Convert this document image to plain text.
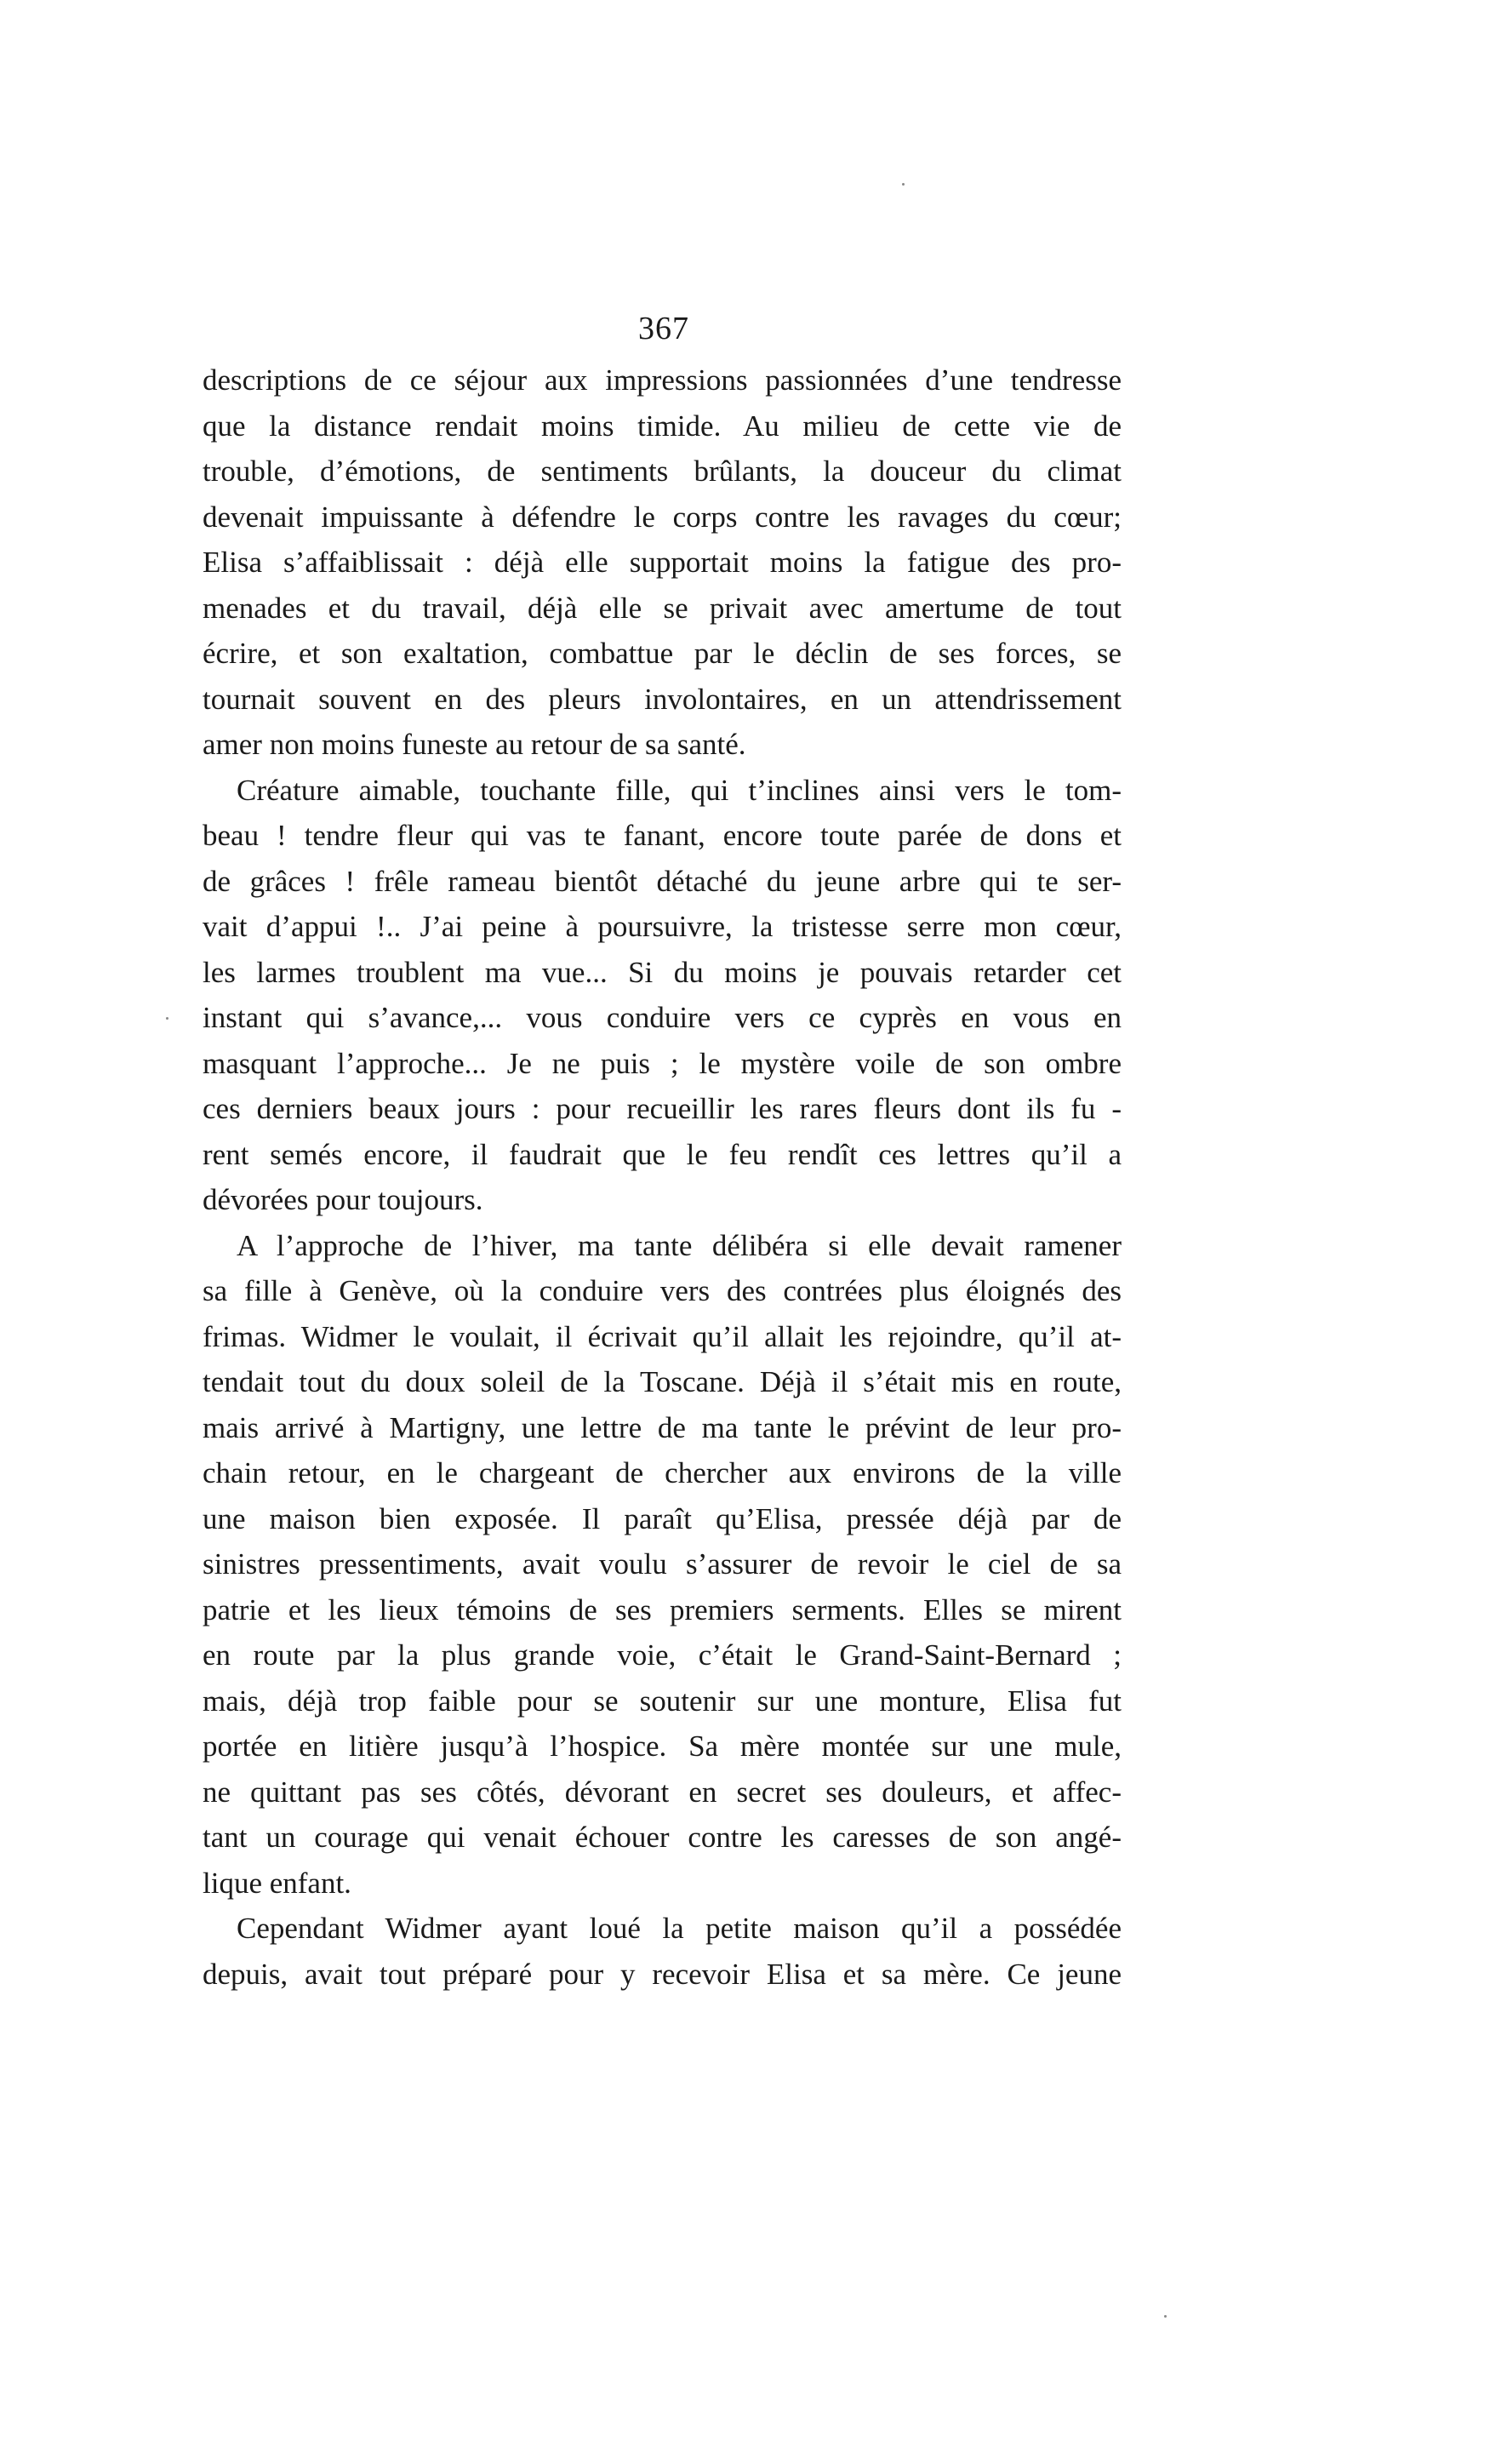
367
descriptions de ce séjour aux impressions passionnées d’une tendresse
que la distance rendait moins timide. Au milieu de cette vie de
trouble, d’émotions, de sentiments brûlants, la douceur du climat
devenait impuissante à défendre le corps contre les ravages du cœur;
Elisa s’affaiblissait : déjà elle supportait moins la fatigue des pro-
menades et du travail, déjà elle se privait avec amertume de tout
écrire, et son exaltation, combattue par le déclin de ses forces, se
tournait souvent en des pleurs involontaires, en un attendrissement
amer non moins funeste au retour de sa santé.
Créature aimable, touchante fille, qui t’inclines ainsi vers le tom-
beau ! tendre fleur qui vas te fanant, encore toute parée de dons et
de grâces ! frêle rameau bientôt détaché du jeune arbre qui te ser-
vait d’appui !.. J’ai peine à poursuivre, la tristesse serre mon cœur,
les larmes troublent ma vue... Si du moins je pouvais retarder cet
instant qui s’avance,... vous conduire vers ce cyprès en vous en
masquant l’approche... Je ne puis ; le mystère voile de son ombre
ces derniers beaux jours : pour recueillir les rares fleurs dont ils fu -
rent semés encore, il faudrait que le feu rendît ces lettres qu’il a
dévorées pour toujours.
A l’approche de l’hiver, ma tante délibéra si elle devait ramener
sa fille à Genève, où la conduire vers des contrées plus éloignés des
frimas. Widmer le voulait, il écrivait qu’il allait les rejoindre, qu’il at-
tendait tout du doux soleil de la Toscane. Déjà il s’était mis en route,
mais arrivé à Martigny, une lettre de ma tante le prévint de leur pro-
chain retour, en le chargeant de chercher aux environs de la ville
une maison bien exposée. Il paraît qu’Elisa, pressée déjà par de
sinistres pressentiments, avait voulu s’assurer de revoir le ciel de sa
patrie et les lieux témoins de ses premiers serments. Elles se mirent
en route par la plus grande voie, c’était le Grand-Saint-Bernard ;
mais, déjà trop faible pour se soutenir sur une monture, Elisa fut
portée en litière jusqu’à l’hospice. Sa mère montée sur une mule,
ne quittant pas ses côtés, dévorant en secret ses douleurs, et affec-
tant un courage qui venait échouer contre les caresses de son angé-
lique enfant.
Cependant Widmer ayant loué la petite maison qu’il a possédée
depuis, avait tout préparé pour y recevoir Elisa et sa mère. Ce jeune
